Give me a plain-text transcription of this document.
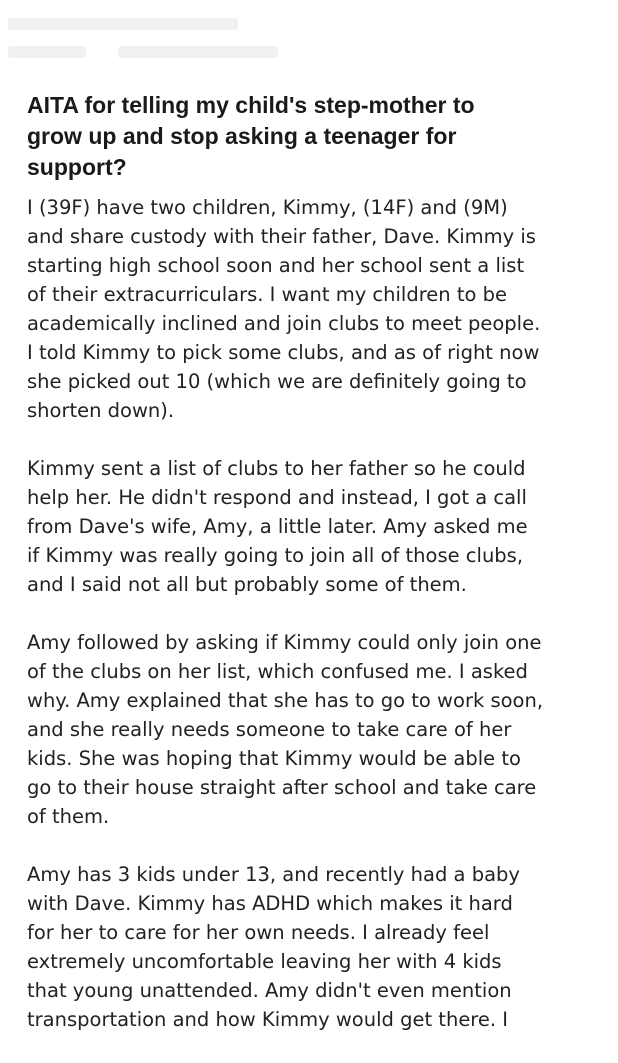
AITA for telling my child's step-mother to
grow up and stop asking a teenager for
support?
I (39F) have two children, Kimmy, (14F) and (9M)
and share custody with their father, Dave. Kimmy is
starting high school soon and her school sent a list
of their extracurriculars. I want my children to be
academically inclined and join clubs to meet people.
I told Kimmy to pick some clubs, and as of right now
she picked out 10 (which we are definitely going to
shorten down).
Kimmy sent a list of clubs to her father so he could
help her. He didn't respond and instead, I got a call
from Dave's wife, Amy, a little later. Amy asked me
if Kimmy was really going to join all of those clubs,
and I said not all but probably some of them.
Amy followed by asking if Kimmy could only join one
of the clubs on her list, which confused me. I asked
why. Amy explained that she has to go to work soon,
and she really needs someone to take care of her
kids. She was hoping that Kimmy would be able to
go to their house straight after school and take care
of them.
Amy has 3 kids under 13, and recently had a baby
with Dave. Kimmy has ADHD which makes it hard
for her to care for her own needs. I already feel
extremely uncomfortable leaving her with 4 kids
that young unattended. Amy didn't even mention
transportation and how Kimmy would get there. I
